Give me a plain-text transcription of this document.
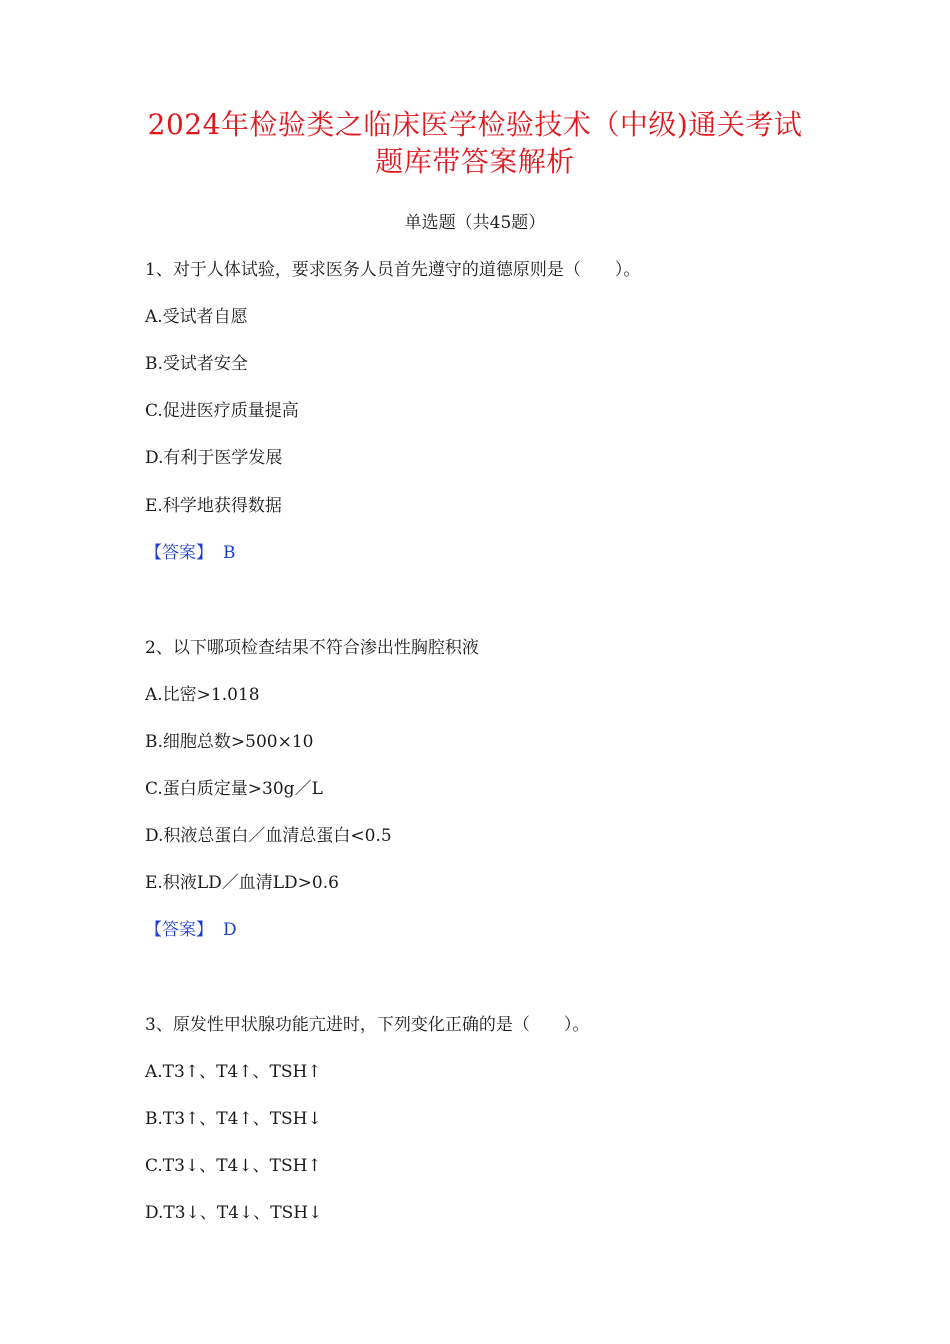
2024年检验类之临床医学检验技术（中级)通关考试
题库带答案解析
单选题（共45题）
1、对于人体试验，要求医务人员首先遵守的道德原则是（　　）。
A.受试者自愿
B.受试者安全
C.促进医疗质量提高
D.有利于医学发展
E.科学地获得数据
【答案】 B
2、以下哪项检查结果不符合渗出性胸腔积液
A.比密>1.018
B.细胞总数>500×10
C.蛋白质定量>30g／L
D.积液总蛋白／血清总蛋白<0.5
E.积液LD／血清LD>0.6
【答案】 D
3、原发性甲状腺功能亢进时，下列变化正确的是（　　）。
A.T3↑、T4↑、TSH↑
B.T3↑、T4↑、TSH↓
C.T3↓、T4↓、TSH↑
D.T3↓、T4↓、TSH↓
